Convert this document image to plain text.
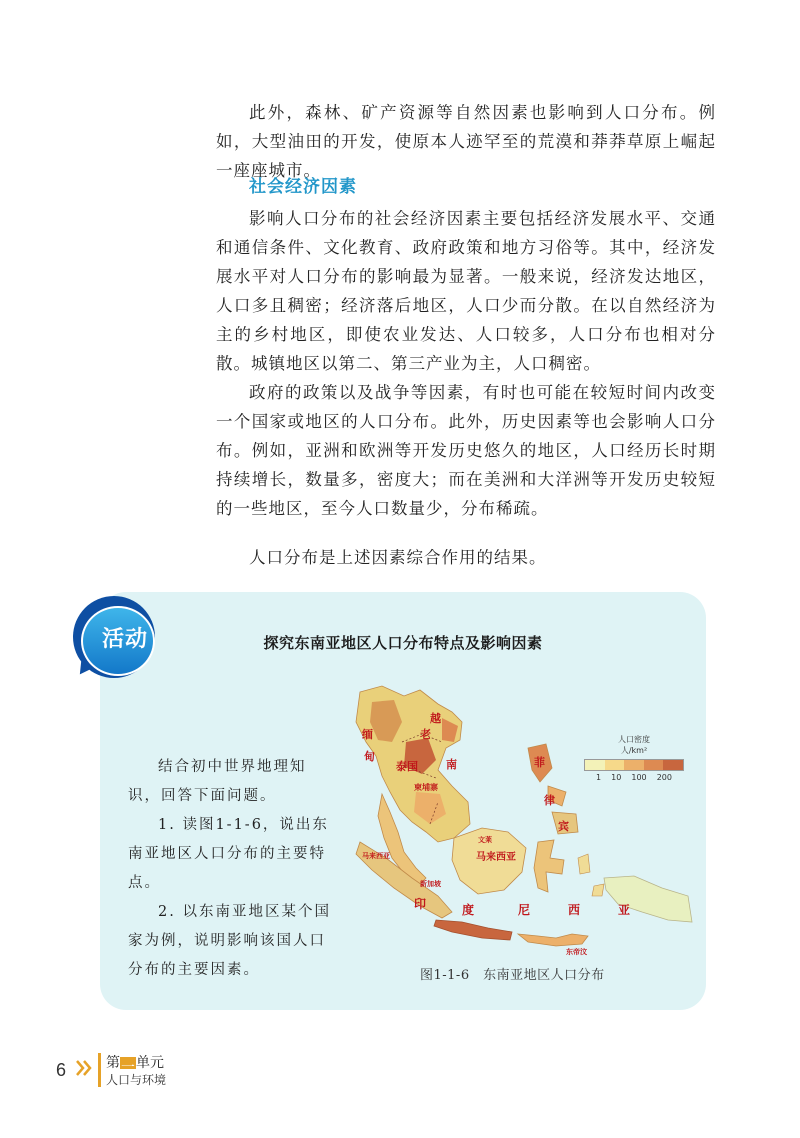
此外，森林、矿产资源等自然因素也影响到人口分布。例如，大型油田的开发，使原本人迹罕至的荒漠和莽莽草原上崛起一座座城市。

社会经济因素

影响人口分布的社会经济因素主要包括经济发展水平、交通和通信条件、文化教育、政府政策和地方习俗等。其中，经济发展水平对人口分布的影响最为显著。一般来说，经济发达地区，人口多且稠密；经济落后地区，人口少而分散。在以自然经济为主的乡村地区，即使农业发达、人口较多，人口分布也相对分散。城镇地区以第二、第三产业为主，人口稠密。

政府的政策以及战争等因素，有时也可能在较短时间内改变一个国家或地区的人口分布。此外，历史因素等也会影响人口分布。例如，亚洲和欧洲等开发历史悠久的地区，人口经历长时期持续增长，数量多，密度大；而在美洲和大洋洲等开发历史较短的一些地区，至今人口数量少，分布稀疏。

人口分布是上述因素综合作用的结果。

活动	探究东南亚地区人口分布特点及影响因素

结合初中世界地理知识，回答下面问题。

1. 读图1-1-6，说出东南亚地区人口分布的主要特点。

2. 以东南亚地区某个国家为例，说明影响该国人口分布的主要因素。

缅
甸
老
越
南
泰国
柬埔寨
菲
律
宾
文莱
马来西亚	马来西亚
新加坡
印	度	尼	西	亚
东帝汶
人口密度
人/km²
1 10 100 200
图1-1-6　东南亚地区人口分布
6	第一单元
人口与环境
